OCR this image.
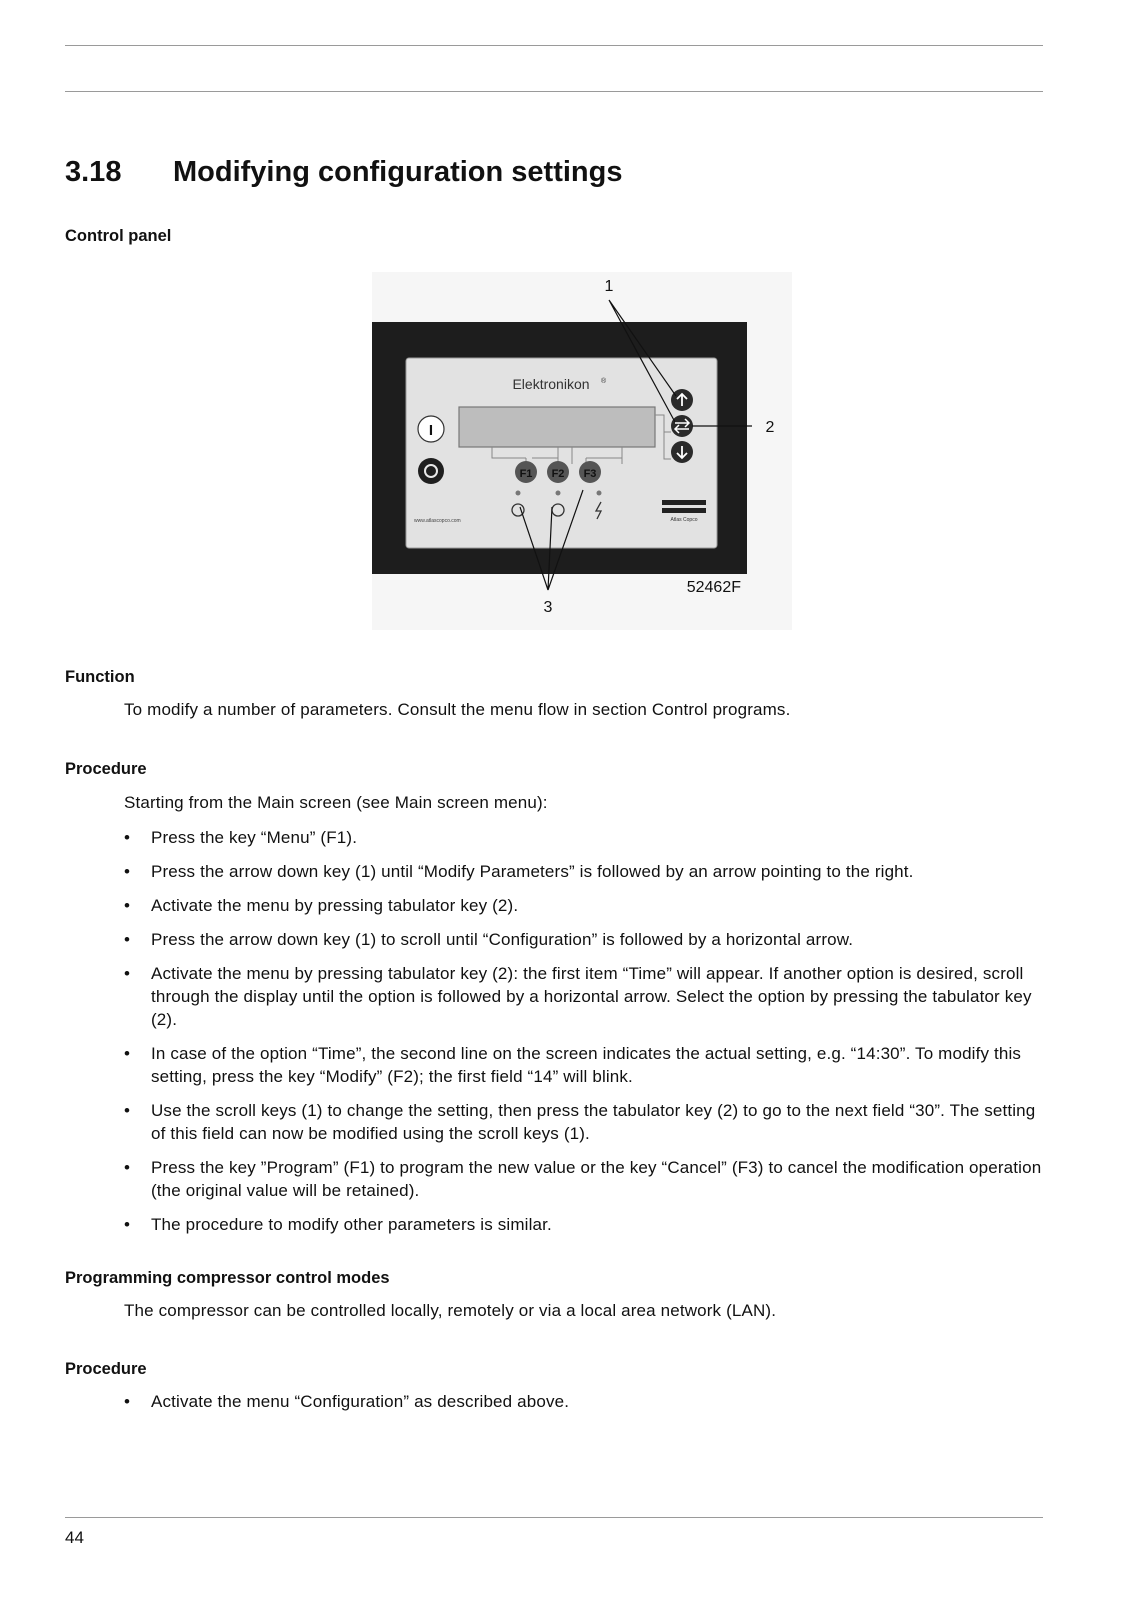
3.18 Modifying configuration settings
Control panel
Elektronikon ®
I
F1 F2 F3
www.atlascopco.com	Atlas Copco
1
2
3
52462F
Function

To modify a number of parameters. Consult the menu flow in section Control programs.

Procedure

Starting from the Main screen (see Main screen menu):

• Press the key “Menu” (F1).
• Press the arrow down key (1) until “Modify Parameters” is followed by an arrow pointing to the right.
• Activate the menu by pressing tabulator key (2).
• Press the arrow down key (1) to scroll until “Configuration” is followed by a horizontal arrow.
• Activate the menu by pressing tabulator key (2): the first item “Time” will appear. If another option is desired, scroll through the display until the option is followed by a horizontal arrow. Select the option by pressing the tabulator key (2).
• In case of the option “Time”, the second line on the screen indicates the actual setting, e.g. “14:30”. To modify this setting, press the key “Modify” (F2); the first field “14” will blink.
• Use the scroll keys (1) to change the setting, then press the tabulator key (2) to go to the next field “30”. The setting of this field can now be modified using the scroll keys (1).
• Press the key ”Program” (F1) to program the new value or the key “Cancel” (F3) to cancel the modification operation (the original value will be retained).
• The procedure to modify other parameters is similar.
Programming compressor control modes

The compressor can be controlled locally, remotely or via a local area network (LAN).

Procedure
• Activate the menu “Configuration” as described above.
44
